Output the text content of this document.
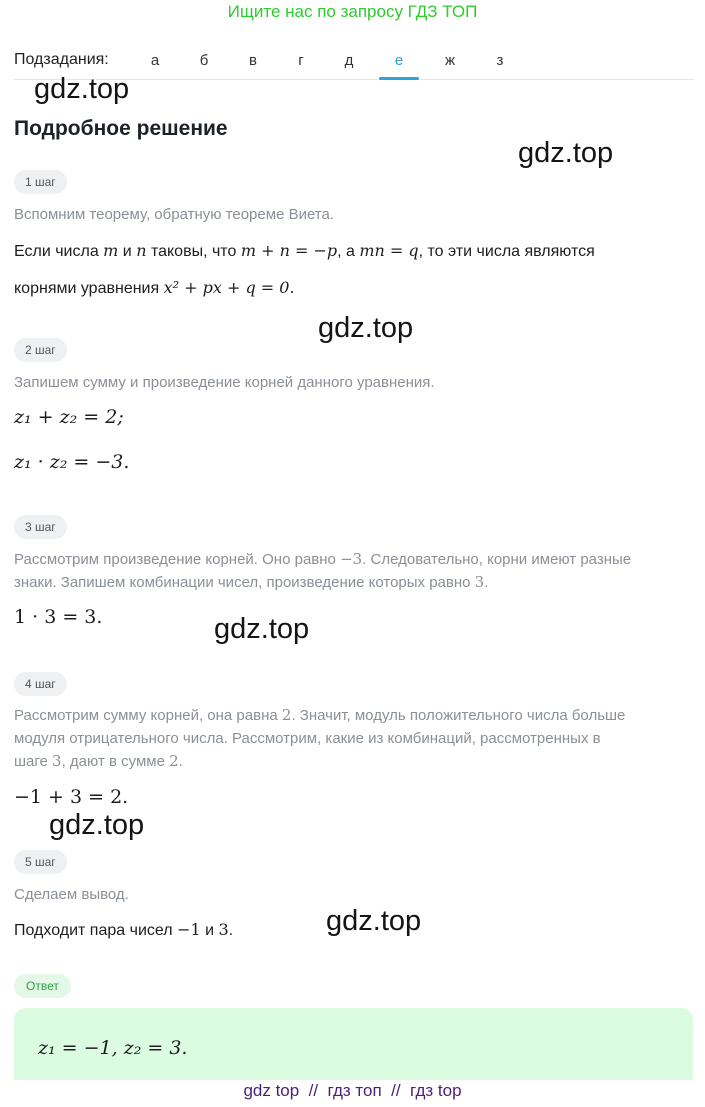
Ищите нас по запросу ГДЗ ТОП
Подзадания:	а	б	в	г	д	е	ж	з
Подробное решение
gdz.top
gdz.top
gdz.top
gdz.top
gdz.top
gdz.top
1 шаг
Вспомним теорему, обратную теореме Виета.
Если числа m и n таковы, что m + n = −p, а mn = q, то эти числа являются
корнями уравнения x² + px + q = 0.
2 шаг
Запишем сумму и произведение корней данного уравнения.
z₁ + z₂ = 2;
z₁ · z₂ = −3.
3 шаг
Рассмотрим произведение корней. Оно равно −3. Следовательно, корни имеют разные
знаки. Запишем комбинации чисел, произведение которых равно 3.
1 · 3 = 3.
4 шаг
Рассмотрим сумму корней, она равна 2. Значит, модуль положительного числа больше
модуля отрицательного числа. Рассмотрим, какие из комбинаций, рассмотренных в
шаге 3, дают в сумме 2.
−1 + 3 = 2.
5 шаг
Сделаем вывод.
Подходит пара чисел −1 и 3.
Ответ
z₁ = −1, z₂ = 3.
gdz top  //  гдз топ  //  гдз top
